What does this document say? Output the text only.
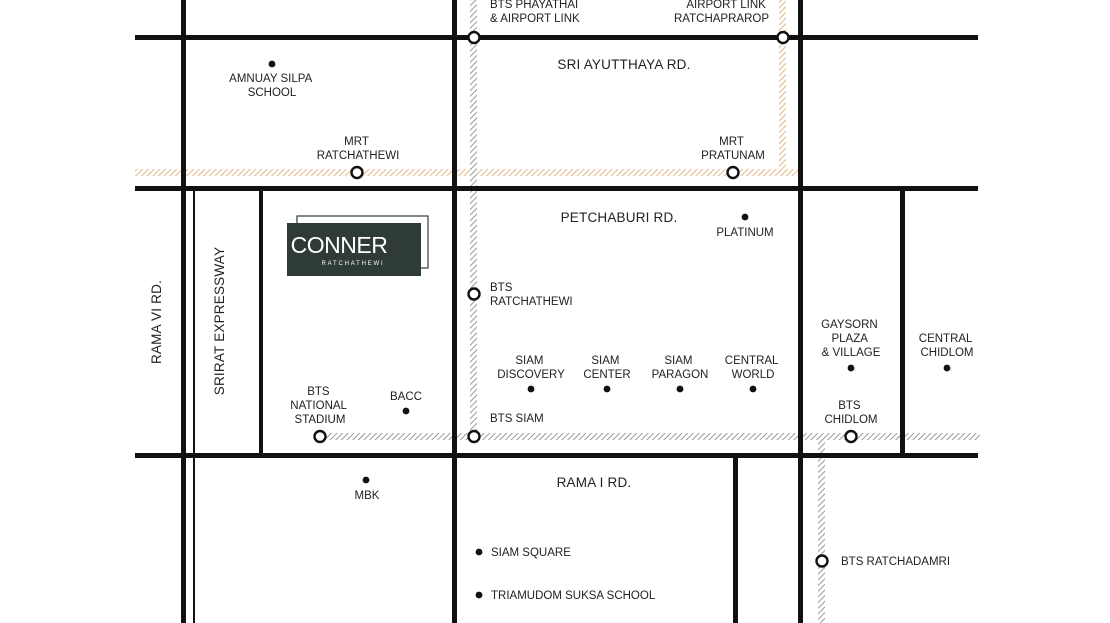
SRI AYUTTHAYA RD.
PETCHABURI RD.
RAMA I RD.
RAMA VI RD.	SRIRAT EXPRESSWAY
CONNER
RATCHATHEWI
BTS PHAYATHAI & AIRPORT LINK
AIRPORT LINK RATCHAPRAROP
MRT RATCHATHEWI
MRT PRATUNAM
BTS RATCHATHEWI
BTS NATIONAL STADIUM	BTS SIAM
BTS CHIDLOM
BTS RATCHADAMRI
AMNUAY SILPA SCHOOL
PLATINUM
SIAM DISCOVERY
SIAM CENTER
SIAM PARAGON
CENTRAL WORLD
GAYSORN PLAZA & VILLAGE
CENTRAL CHIDLOM
BACC
MBK
SIAM SQUARE
TRIAMUDOM SUKSA SCHOOL
